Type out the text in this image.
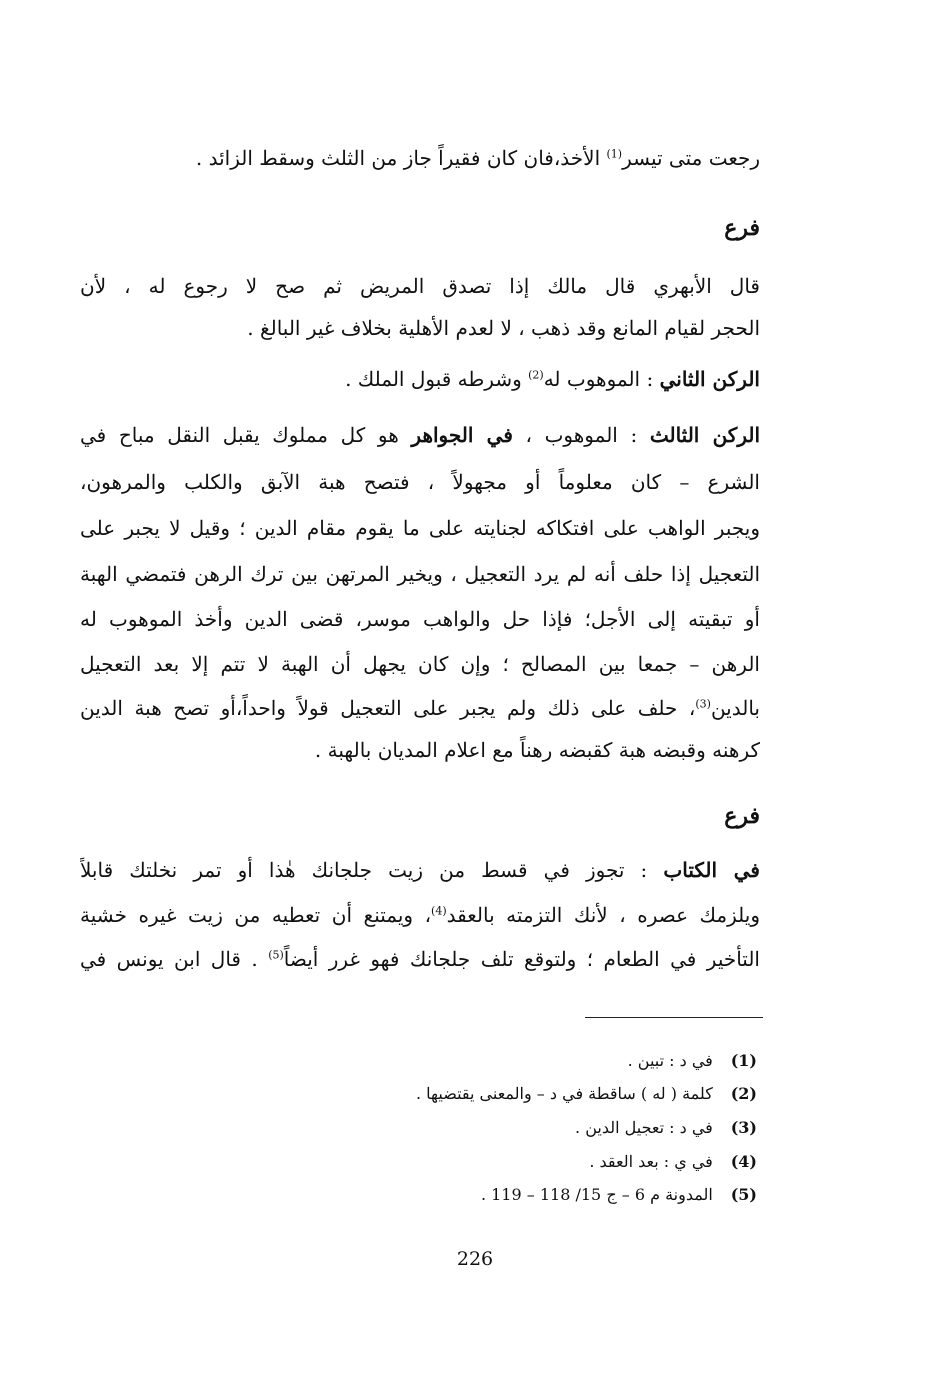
رجعت متى تيسر$^{(1)}$ الأخذ،فان كان فقيراً جاز من الثلث وسقط الزائد .
فرع
قال الأبهري قال مالك إذا تصدق المريض ثم صح لا رجوع له ، لأن
الحجر لقيام المانع وقد ذهب ، لا لعدم الأهلية بخلاف غير البالغ .
الركن الثاني : الموهوب له$^{(2)}$ وشرطه قبول الملك .
الركن الثالث : الموهوب ، في الجواهر هو كل مملوك يقبل النقل مباح في
الشرع – كان معلوماً أو مجهولاً ، فتصح هبة الآبق والكلب والمرهون،
ويجبر الواهب على افتكاكه لجنايته على ما يقوم مقام الدين ؛ وقيل لا يجبر على
التعجيل إذا حلف أنه لم يرد التعجيل ، ويخير المرتهن بين ترك الرهن فتمضي الهبة
أو تبقيته إلى الأجل؛ فإذا حل والواهب موسر، قضى الدين وأخذ الموهوب له
الرهن – جمعا بين المصالح ؛ وإن كان يجهل أن الهبة لا تتم إلا بعد التعجيل
بالدين$^{(3)}$، حلف على ذلك ولم يجبر على التعجيل قولاً واحداً،أو تصح هبة الدين
كرهنه وقبضه هبة كقبضه رهناً مع اعلام المديان بالهبة .
فرع
في الكتاب : تجوز في قسط من زيت جلجانك هٰذا أو تمر نخلتك قابلاً
ويلزمك عصره ، لأنك التزمته بالعقد$^{(4)}$، ويمتنع أن تعطيه من زيت غيره خشية
التأخير في الطعام ؛ ولتوقع تلف جلجانك فهو غرر أيضاً$^{(5)}$ . قال ابن يونس في
(1)  في د : تبين .
(2)  كلمة ( له ) ساقطة في د – والمعنى يقتضيها .
(3)  في د : تعجيل الدين .
(4)  في ي : بعد العقد .
(5)  المدونة م 6 – ج 15/ 118 – 119 .
226
